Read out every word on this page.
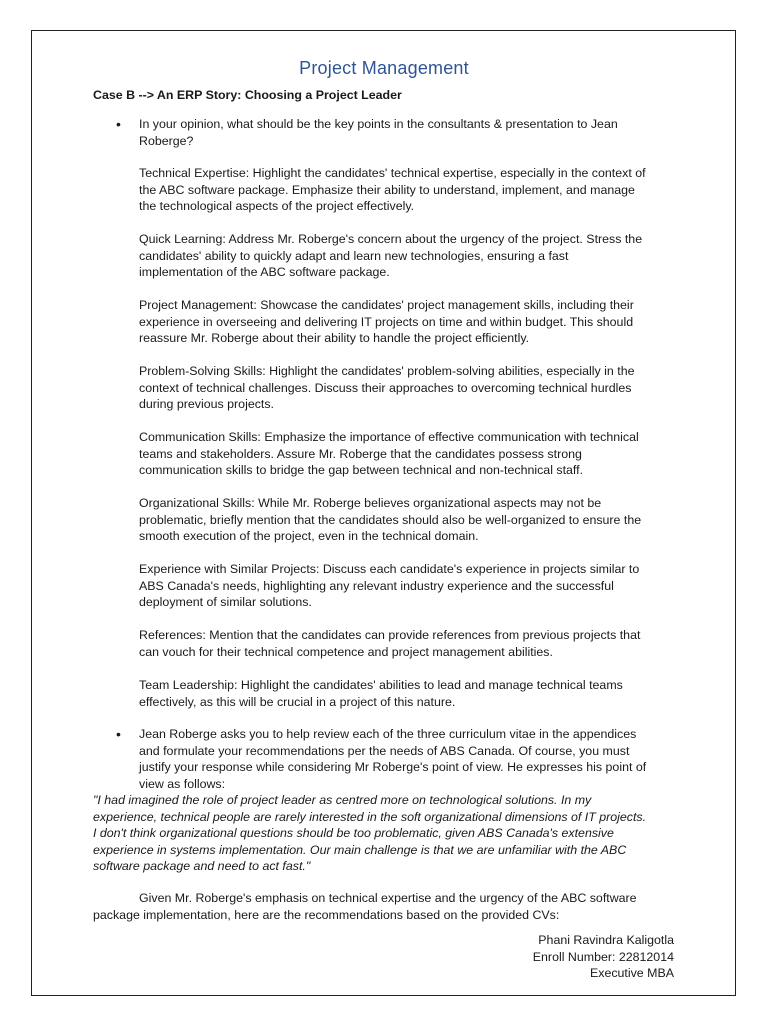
Project Management
Case B --> An ERP Story: Choosing a Project Leader
• In your opinion, what should be the key points in the consultants & presentation to Jean
Roberge?

Technical Expertise: Highlight the candidates' technical expertise, especially in the context of
the ABC software package. Emphasize their ability to understand, implement, and manage
the technological aspects of the project effectively.

Quick Learning: Address Mr. Roberge's concern about the urgency of the project. Stress the
candidates' ability to quickly adapt and learn new technologies, ensuring a fast
implementation of the ABC software package.

Project Management: Showcase the candidates' project management skills, including their
experience in overseeing and delivering IT projects on time and within budget. This should
reassure Mr. Roberge about their ability to handle the project efficiently.

Problem-Solving Skills: Highlight the candidates' problem-solving abilities, especially in the
context of technical challenges. Discuss their approaches to overcoming technical hurdles
during previous projects.

Communication Skills: Emphasize the importance of effective communication with technical
teams and stakeholders. Assure Mr. Roberge that the candidates possess strong
communication skills to bridge the gap between technical and non-technical staff.

Organizational Skills: While Mr. Roberge believes organizational aspects may not be
problematic, briefly mention that the candidates should also be well-organized to ensure the
smooth execution of the project, even in the technical domain.

Experience with Similar Projects: Discuss each candidate's experience in projects similar to
ABS Canada's needs, highlighting any relevant industry experience and the successful
deployment of similar solutions.

References: Mention that the candidates can provide references from previous projects that
can vouch for their technical competence and project management abilities.

Team Leadership: Highlight the candidates' abilities to lead and manage technical teams
effectively, as this will be crucial in a project of this nature.

• Jean Roberge asks you to help review each of the three curriculum vitae in the appendices
and formulate your recommendations per the needs of ABS Canada. Of course, you must
justify your response while considering Mr Roberge's point of view. He expresses his point of
view as follows:

"I had imagined the role of project leader as centred more on technological solutions. In my
experience, technical people are rarely interested in the soft organizational dimensions of IT projects.
I don't think organizational questions should be too problematic, given ABS Canada's extensive
experience in systems implementation. Our main challenge is that we are unfamiliar with the ABC
software package and need to act fast."

Given Mr. Roberge's emphasis on technical expertise and the urgency of the ABC software
package implementation, here are the recommendations based on the provided CVs:

Phani Ravindra Kaligotla
Enroll Number: 22812014
Executive MBA
